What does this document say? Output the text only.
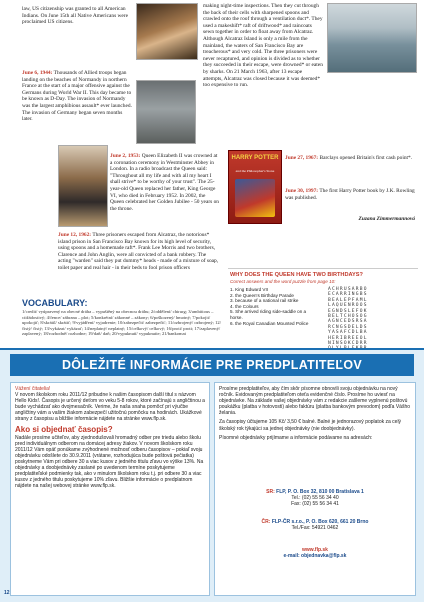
law, US citizenship was granted to all American Indians. On June 15th all Native Americans were proclaimed US citizens.
June 6, 1944: Thousands of Allied troops began landing on the beaches of Normandy in northern France at the start of a major offensive against the Germans during World War II. This day became to be known as D-Day. The invasion of Normandy was the largest amphibious assault* ever launched. The invasion of Germany began seven months later.
making night-time inspections. Then they cut through the back of their cells with sharpened spoons and crawled onto the roof through a ventilation duct*. They used a makeshift* raft of driftwood* and raincoats sewn together in order to float away from Alcatraz. Although Alcatraz Island is only a mile from the mainland, the waters of San Francisco Bay are treacherous* and very cold. The three prisoners were never recaptured, and opinion is divided as to whether they succeeded in their escape, were drowned* or eaten by sharks. On 21 March 1963, after 13 escape attempts, Alcatraz was closed because it was deemed* too expensive to run.
June 2, 1953: Queen Elizabeth II was crowned at a coronation ceremony in Westminster Abbey in London. In a radio broadcast the Queen said: "Throughout all my life and with all my heart I shall strive* to be worthy of your trust". The 25-year-old Queen replaced her father, King George VI, who died in February 1952. In 2002, the Queen celebrated her Golden Jubilee - 50 years on the throne.
June 12, 1962: Three prisoners escaped from Alcatraz, the notorious* island prison in San Francisco Bay known for its high level of security, using spoons and a homemade raft*. Frank Lee Morris and two brothers, Clarence and John Anglin, were all convicted of a bank robbery. The acting "warden" said they put dummy* heads - made of a mixture of soap, toilet paper and real hair - in their beds to fool prison officers
HARRY POTTER
and the Philosopher's Stone
June 27, 1967: Barclays opened Britain's first cash point*.
June 30, 1997: The first Harry Potter book by J.K. Rowling was published.
Zuzana Zimmermannová
WHY DOES THE QUEEN HAVE TWO BIRTHDAYS?
Correct answers and the word puzzle from page 10:
1. King Edward VII
2. the Queen's Birthday Parade
3. because of a national rail strike
4. the Colours
5. She arrived riding side-saddle on a horse.
6. the Royal Canadian Mounted Police
ACHRUSARBO
ECARRINGBS
BEALEPFAML
LAQUENROOS
EGNDSLEFOK
BELTCHOSOG
AGNCEDSRSA
RCNGSDELDS
YASAFCDLBA
HERIBREEOL
NINSOKCDRR
VOCABULARY:
1/credit/ vyúpravený na obecné dráha – vypuštěný na obecnou dráhu; 2/oddělení/ chirurg; 3/ambitious – ctižádostivý; 4/fence/ zábrana – plot; 5/konkrétní/ zákonné – zákony; 6/poškozený/ hmotný; 7/pokojit/ upokojiť; 8/skrátil/ skrátiť; 9/vyjádření/ vyjadrenie; 10/zabezpečit/ zabezpečiť; 11/ozbrojený/ ozbrojený; 12/čistý/ čistý; 13/vykázat/ vykázať; 14/neplatný/ neplatný; 15/celkový/ celkový; 16/proti/ proti; 17/zaplavený/ zaplavený; 18/rozhodně/ rozhodne; 19/daň/ daň; 20/vypuknutí/ vypuknutie; 21/bankomat
DÔLEŽITÉ INFORMÁCIE PRE PREDPLATITEĽOV
Vážení čitatelia!
V novom školskom roku 2011/12 pribudne k našim časopisom další titul s názvom Hello Kids!. Časopis je určený deťom vo veku 5-8 rokov, ktoré začínajú s angličtinou a bude vychádzať ako dvojmesačník. Verime, že naša snaha pomôcť pri výučbe angličtiny vám a vašim žiakom zabezpečí užitočnú pomôcku na hodinách. Ukážkové strany z časopisu a bližšie informácie nájdete na stránke www.flp.sk.
Ako si objednať časopis?
Nadále prosíme učiteľov, aby zjednodušovali hromadný odber pre triedu alebo školu pred individuálnym odberom na domácej adresy žiakov. V novom školskom roku 2011/12 Vám opäť ponúkame zvýhodnené možnosť odberu časopisov – pokiaľ svoju objednávku odošlete do 30.9.2011 (vrátane, rozhodujúca bude poštová pečiatka) poskytneme Vám pri odbere 30 a viac kusov z jedného titulu zľavu vo výške 13%. Na objednávky a doobjednávky zaslané po uvedenom termíne poskytujeme predplatiteľské podmienky tak, ako v minulom školskom roku t.j. pri odbere 30 a viac kusov z jedného titulu poskytujeme 10% zľavu. Bližšie informácie o predplatnom nájdete na našej webovej stránke www.flp.sk.
Prosíme predplatiteľov, aby čím skôr písomne obnovili svoju objednávku na nový ročník. Evidovaným predplatiteľom oteťa evidenčné číslo. Prosíme ho uviesť na objednávke. Na základe vašej objednávky vám z redakcie zašleme vyplnenú poštovú poukážku (platba v hotovosti) alebo faktúru (platba bankovým prevodom) podľa Vášho želania.
Za časopisy účtujeme 105 Kč/ 3,50 € balné. Balné je jednorazový poplatok za celý školský rok týkajúci sa jednej objednávky (nie doobjednávky).
Písomné objednávky prijímame a informácie podávame na adresách:
SR: FLP, P. O. Box 32, 810 00 Bratislava 1
Tel.: (02) 55 56 34 40
Fax: (02) 55 56 34 41
ČR: FLP-ČR s.r.o., P. O. Box 620, 661 20 Brno
Tel./Fax: 54921 0462
www.flp.sk
e-mail: objednavka@flp.sk
12
